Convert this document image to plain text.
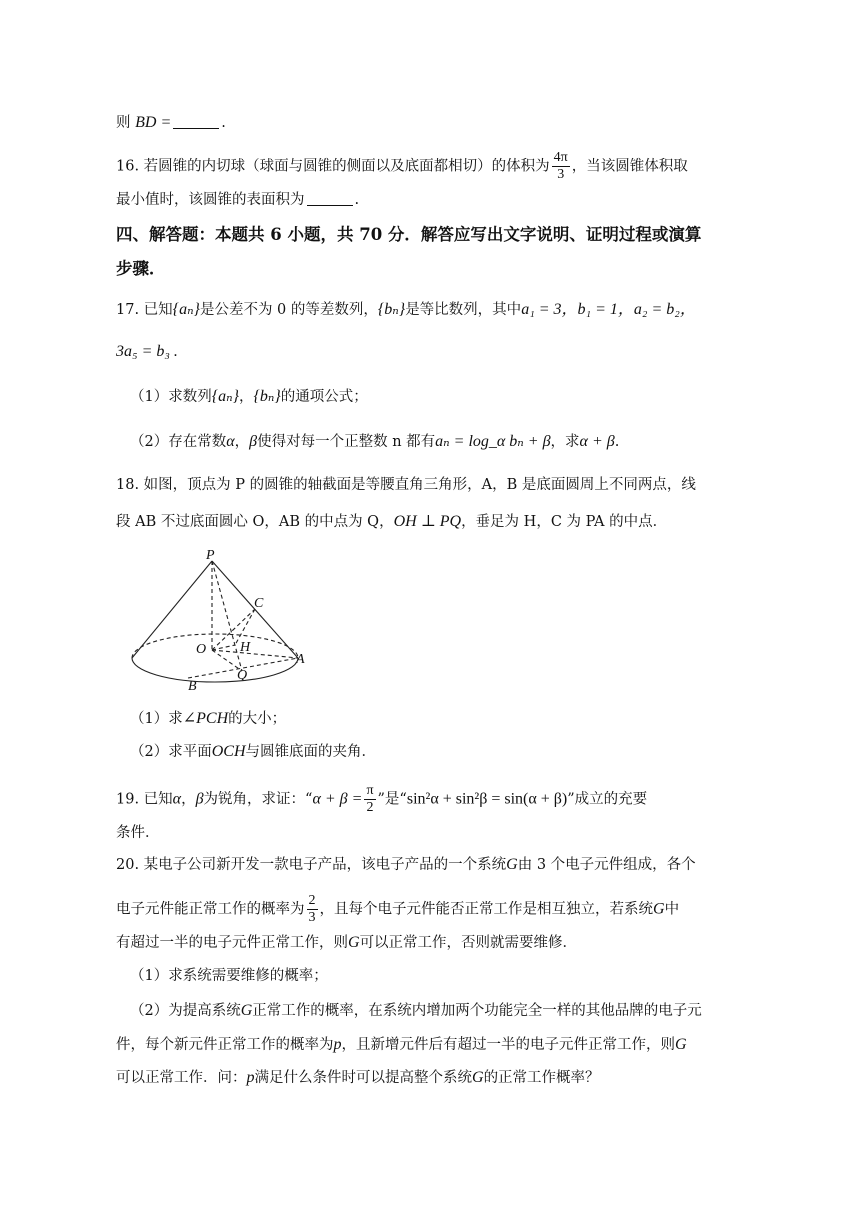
则 BD =	.
16. 若圆锥的内切球（球面与圆锥的侧面以及底面都相切）的体积为 $\frac{4\pi}{3}$ ，当该圆锥体积取
最小值时，该圆锥的表面积为	.
四、解答题：本题共 6 小题，共 70 分．解答应写出文字说明、证明过程或演算
步骤．
17. 已知{aₙ}是公差不为 0 的等差数列，{bₙ}是等比数列，其中a₁ = 3，b₁ = 1，a₂ = b₂，
3a₅ = b₃ .
（1）求数列{aₙ}，{bₙ}的通项公式；
（2）存在常数α，β使得对每一个正整数 n 都有aₙ = log_α bₙ + β，求α + β.
18. 如图，顶点为 P 的圆锥的轴截面是等腰直角三角形，A，B 是底面圆周上不同两点，线
段 AB 不过底面圆心 O，AB 的中点为 Q，OH ⊥ PQ，垂足为 H，C 为 PA 的中点．
P
C
O H
A
B
Q
（1）求∠PCH的大小；
（2）求平面OCH与圆锥底面的夹角．
19. 已知α，β为锐角，求证：“$\alpha + \beta = \frac{\pi}{2}$ ”是“sin²α + sin²β = sin(α + β)”成立的充要
条件．
20. 某电子公司新开发一款电子产品，该电子产品的一个系统G由 3 个电子元件组成，各个
电子元件能正常工作的概率为 $\frac{2}{3}$ ，且每个电子元件能否正常工作是相互独立，若系统G中
有超过一半的电子元件正常工作，则G可以正常工作，否则就需要维修．
（1）求系统需要维修的概率；
（2）为提高系统G正常工作的概率，在系统内增加两个功能完全一样的其他品牌的电子元
件，每个新元件正常工作的概率为p，且新增元件后有超过一半的电子元件正常工作，则G
可以正常工作．问：p满足什么条件时可以提高整个系统G的正常工作概率？
